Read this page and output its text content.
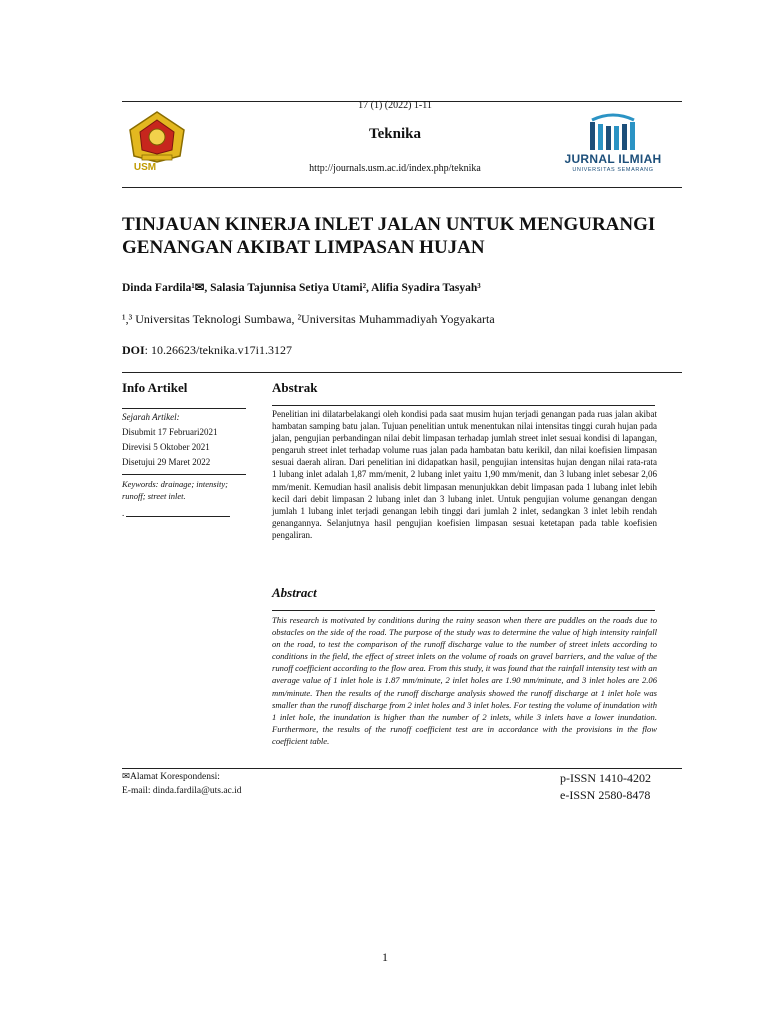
USM
17 (1) (2022) 1-11
Teknika
http://journals.usm.ac.id/index.php/teknika
JURNAL ILMIAH
UNIVERSITAS SEMARANG
TINJAUAN KINERJA INLET JALAN UNTUK MENGURANGI GENANGAN AKIBAT LIMPASAN HUJAN
Dinda Fardila¹✉, Salasia Tajunnisa Setiya Utami², Alifia Syadira Tasyah³
¹,³ Universitas Teknologi Sumbawa, ²Universitas Muhammadiyah Yogyakarta
DOI: 10.26623/teknika.v17i1.3127
Info Artikel
Sejarah Artikel:
Disubmit 17 Februari2021
Direvisi 5 Oktober 2021
Disetujui 29 Maret 2022
Keywords: drainage; intensity; runoff; street inlet.
.
Abstrak
Penelitian ini dilatarbelakangi oleh kondisi pada saat musim hujan terjadi genangan pada ruas jalan akibat hambatan samping batu jalan. Tujuan penelitian untuk menentukan nilai intensitas tinggi curah hujan pada jalan, pengujian perbandingan nilai debit limpasan terhadap jumlah street inlet sesuai kondisi di lapangan, pengaruh street inlet terhadap volume ruas jalan pada hambatan batu kerikil, dan nilai koefisien limpasan sesuai daerah aliran. Dari penelitian ini didapatkan hasil, pengujian intensitas hujan dengan nilai rata-rata 1 lubang inlet adalah 1,87 mm/menit, 2 lubang inlet yaitu 1,90 mm/menit, dan 3 lubang inlet sebesar 2,06 mm/menit. Kemudian hasil analisis debit limpasan menunjukkan debit limpasan pada 1 lubang inlet lebih kecil dari debit limpasan 2 lubang inlet dan 3 lubang inlet. Untuk pengujian volume genangan dengan jumlah 1 lubang inlet terjadi genangan lebih tinggi dari jumlah 2 inlet, sedangkan 3 inlet lebih rendah genangannya. Selanjutnya hasil pengujian koefisien limpasan sesuai ketetapan pada table koefisien pengaliran.
Abstract
This research is motivated by conditions during the rainy season when there are puddles on the roads due to obstacles on the side of the road. The purpose of the study was to determine the value of high intensity rainfall on the road, to test the comparison of the runoff discharge value to the number of street inlets according to conditions in the field, the effect of street inlets on the volume of roads on gravel barriers, and the value of the runoff coefficient according to the flow area. From this study, it was found that the rainfall intensity test with an average value of 1 inlet hole is 1.87 mm/minute, 2 inlet holes are 1.90 mm/minute, and 3 inlet holes are 2.06 mm/minute. Then the results of the runoff discharge analysis showed the runoff discharge at 1 inlet hole was smaller than the runoff discharge from 2 inlet holes and 3 inlet holes. For testing the volume of inundation with 1 inlet hole, the inundation is higher than the number of 2 inlets, while 3 inlets have a lower inundation. Furthermore, the results of the runoff coefficient test are in accordance with the provisions in the flow coefficient table.
✉Alamat Korespondensi:
E-mail: dinda.fardila@uts.ac.id
p-ISSN 1410-4202
e-ISSN 2580-8478
1
